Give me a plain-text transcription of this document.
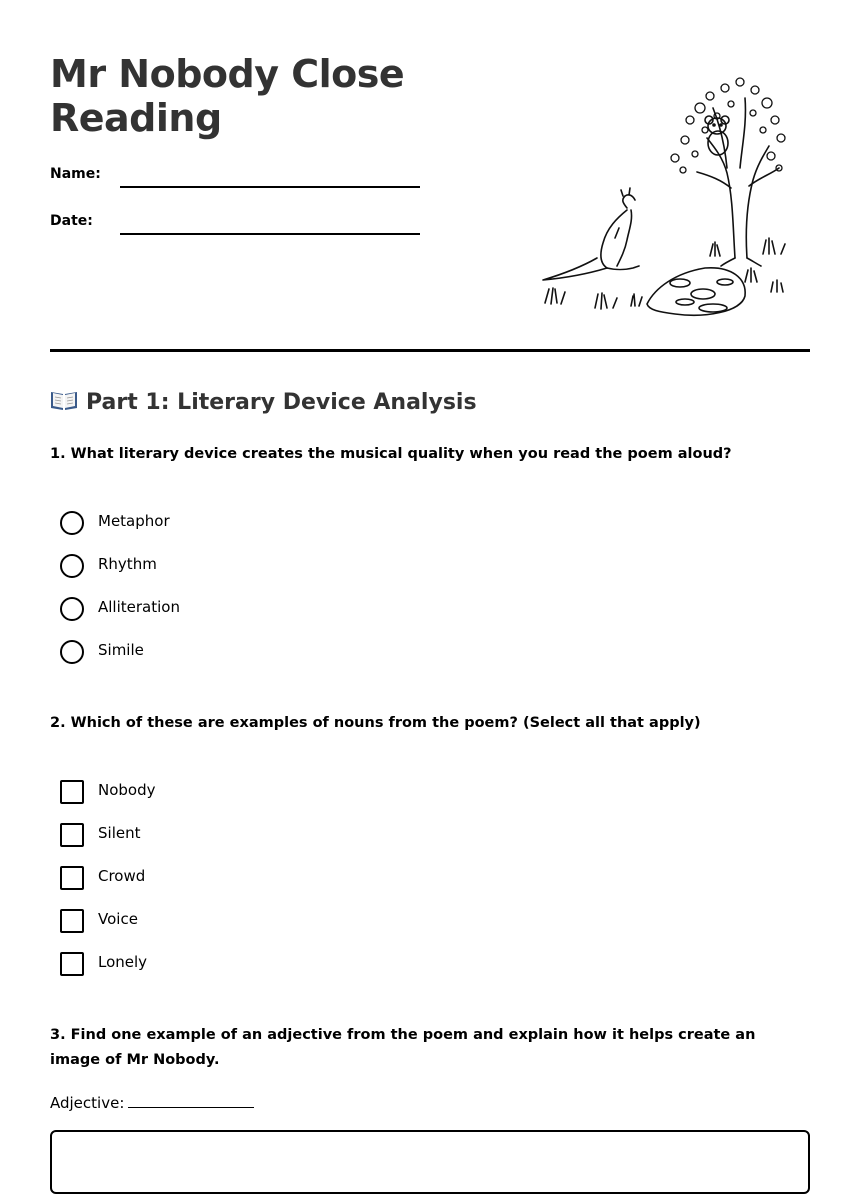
Mr Nobody Close Reading
Name:
Date:
Part 1: Literary Device Analysis

1. What literary device creates the musical quality when you read the poem aloud?

Metaphor
Rhythm
Alliteration
Simile

2. Which of these are examples of nouns from the poem? (Select all that apply)

Nobody
Silent
Crowd
Voice
Lonely

3. Find one example of an adjective from the poem and explain how it helps create an image of Mr Nobody.

Adjective:
